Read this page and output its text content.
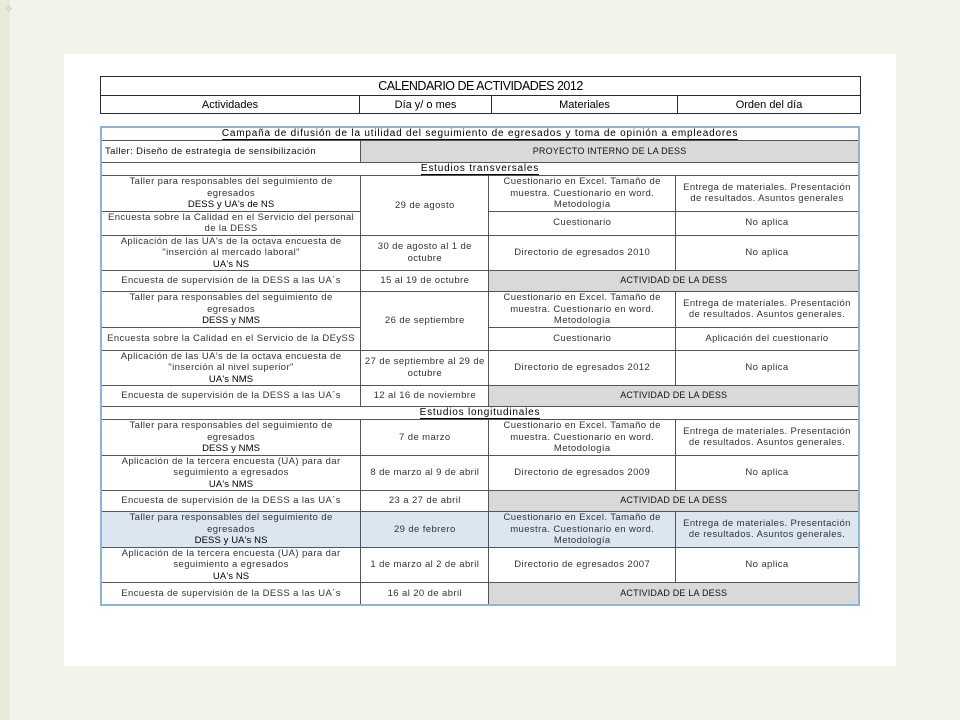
❖
CALENDARIO DE ACTIVIDADES 2012
Actividades	Día y/ o mes	Materiales	Orden del día
Campaña de difusión de la utilidad del seguimiento de egresados y toma de opinión a empleadores			
Taller: Diseño de estrategia de sensibilización	PROYECTO INTERNO DE LA DESS		
Estudios transversales			

Taller para responsables del seguimiento de egresados
DESS y UA's de NS	29 de agosto	Cuestionario en Excel. Tamaño de muestra. Cuestionario en word. Metodología	Entrega de materiales. Presentación de resultados. Asuntos generales
Encuesta sobre la Calidad en el Servicio del personal de la DESS		Cuestionario	No aplica

Aplicación de las UA's de la octava encuesta de "inserción al mercado laboral"
UA's NS	30 de agosto al 1 de octubre	Directorio de egresados 2010	No aplica
Encuesta de supervisión de la DESS a las UA´s	15 al 19 de octubre	ACTIVIDAD DE LA DESS	

Taller para responsables del seguimiento de egresados
DESS y NMS	26 de septiembre	Cuestionario en Excel. Tamaño de muestra. Cuestionario en word. Metodología	Entrega de materiales. Presentación de resultados. Asuntos generales.
Encuesta sobre la Calidad en el Servicio de la DEySS		Cuestionario	Aplicación del cuestionario

Aplicación de las UA's de la octava encuesta de "inserción al nivel superior"
UA's NMS	27 de septiembre al 29 de octubre	Directorio de egresados 2012	No aplica
Encuesta de supervisión de la DESS a las UA´s	12 al 16 de noviembre	ACTIVIDAD DE LA DESS	
Estudios longitudinales			

Taller para responsables del seguimiento de egresados
DESS y NMS	7 de marzo	Cuestionario en Excel. Tamaño de muestra. Cuestionario en word. Metodología	Entrega de materiales. Presentación de resultados. Asuntos generales.

Aplicación de la tercera encuesta (UA) para dar seguimiento a egresados
UA's NMS	8 de marzo al 9 de abril	Directorio de egresados 2009	No aplica
Encuesta de supervisión de la DESS a las UA´s	23 a 27 de abril	ACTIVIDAD DE LA DESS	

Taller para responsables del seguimiento de egresados
DESS y UA's NS	29 de febrero	Cuestionario en Excel. Tamaño de muestra. Cuestionario en word. Metodología	Entrega de materiales. Presentación de resultados. Asuntos generales.

Aplicación de la tercera encuesta (UA) para dar seguimiento a egresados
UA's NS	1 de marzo al 2 de abril	Directorio de egresados 2007	No aplica
Encuesta de supervisión de la DESS a las UA´s	16 al 20 de abril	ACTIVIDAD DE LA DESS	
